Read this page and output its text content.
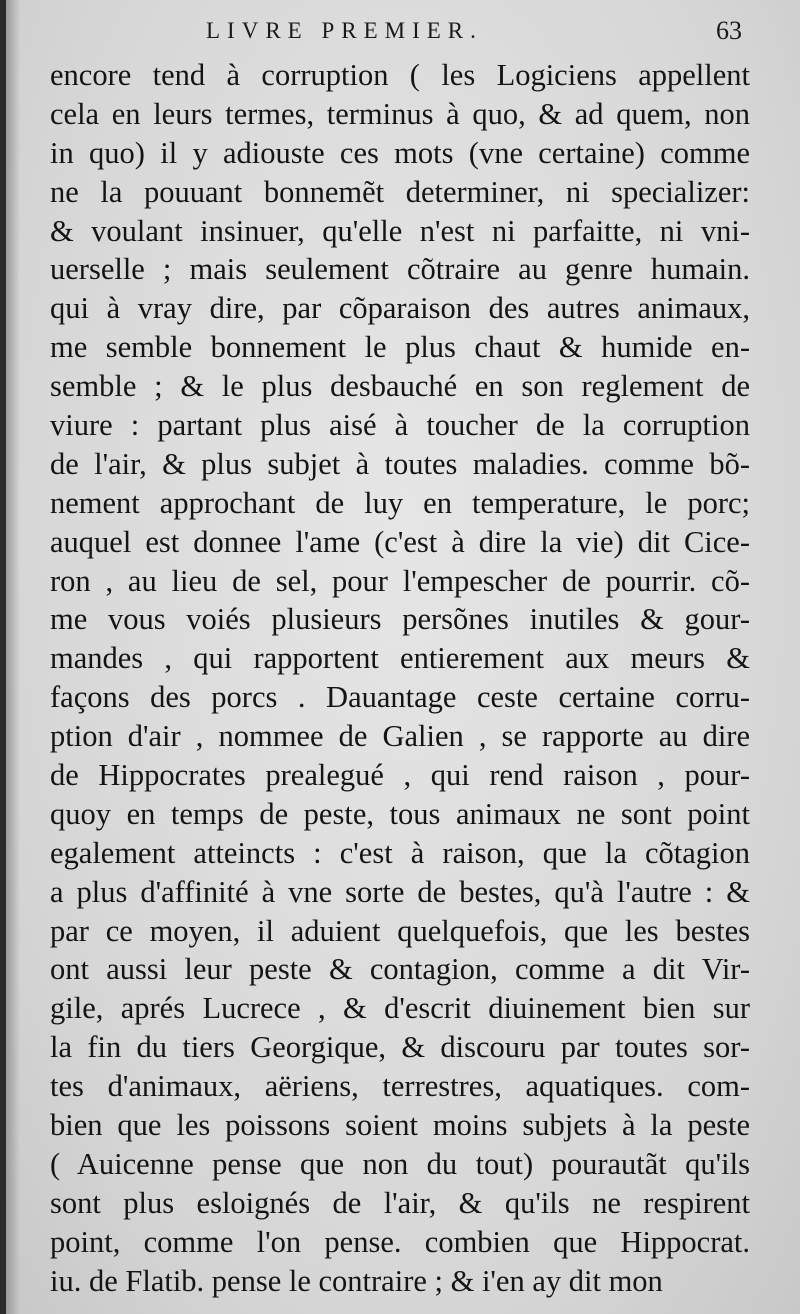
LIVRE PREMIER.	63
encore tend à corruption ( les Logiciens appellent
cela en leurs termes, terminus à quo, & ad quem, non
in quo) il y adiouste ces mots (vne certaine) comme
ne la pouuant bonnemẽt determiner, ni specializer:
& voulant insinuer, qu'elle n'est ni parfaitte, ni vni-
uerselle ; mais seulement cõtraire au genre humain.
qui à vray dire, par cõparaison des autres animaux,
me semble bonnement le plus chaut & humide en-
semble ; & le plus desbauché en son reglement de
viure : partant plus aisé à toucher de la corruption
de l'air, & plus subjet à toutes maladies. comme bõ-
nement approchant de luy en temperature, le porc;
auquel est donnee l'ame (c'est à dire la vie) dit Cice-
ron , au lieu de sel, pour l'empescher de pourrir. cõ-
me vous voiés plusieurs persõnes inutiles & gour-
mandes , qui rapportent entierement aux meurs &
façons des porcs . Dauantage ceste certaine corru-
ption d'air , nommee de Galien , se rapporte au dire
de Hippocrates prealegué , qui rend raison , pour-
quoy en temps de peste, tous animaux ne sont point
egalement atteincts : c'est à raison, que la cõtagion
a plus d'affinité à vne sorte de bestes, qu'à l'autre : &
par ce moyen, il aduient quelquefois, que les bestes
ont aussi leur peste & contagion, comme a dit Vir-
gile, aprés Lucrece , & d'escrit diuinement bien sur
la fin du tiers Georgique, & discouru par toutes sor-
tes d'animaux, aëriens, terrestres, aquatiques. com-
bien que les poissons soient moins subjets à la peste
( Auicenne pense que non du tout) pourautãt qu'ils
sont plus esloignés de l'air, & qu'ils ne respirent
point, comme l'on pense. combien que Hippocrat.
iu. de Flatib. pense le contraire ; & i'en ay dit mon
